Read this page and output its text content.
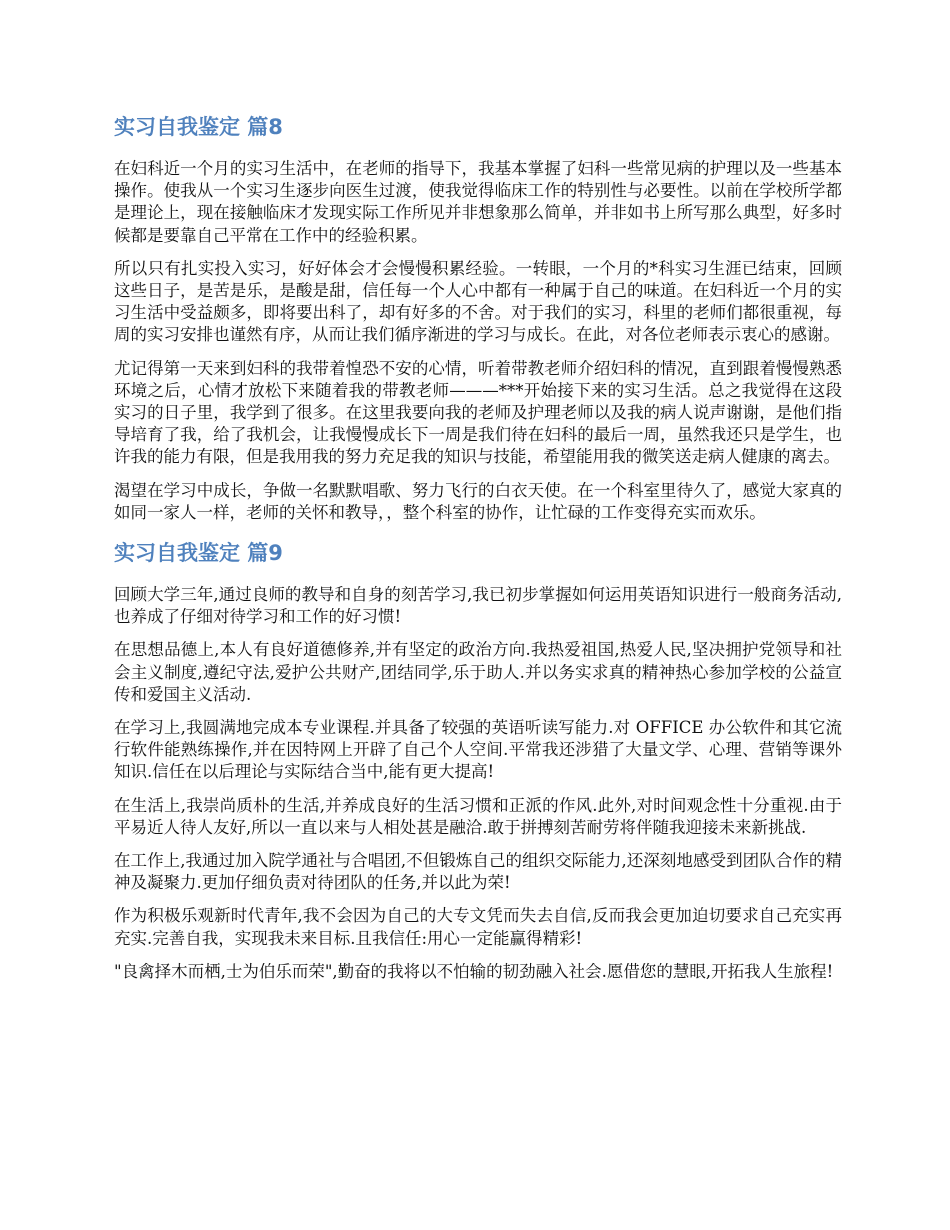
实习自我鉴定 篇8

在妇科近一个月的实习生活中，在老师的指导下，我基本掌握了妇科一些常见病的护理以及一些基本操作。使我从一个实习生逐步向医生过渡，使我觉得临床工作的特别性与必要性。以前在学校所学都是理论上，现在接触临床才发现实际工作所见并非想象那么简单，并非如书上所写那么典型，好多时候都是要靠自己平常在工作中的经验积累。

所以只有扎实投入实习，好好体会才会慢慢积累经验。一转眼，一个月的*科实习生涯已结束，回顾这些日子，是苦是乐，是酸是甜，信任每一个人心中都有一种属于自己的味道。在妇科近一个月的实习生活中受益颇多，即将要出科了，却有好多的不舍。对于我们的实习，科里的老师们都很重视，每周的实习安排也谨然有序，从而让我们循序渐进的学习与成长。在此，对各位老师表示衷心的感谢。

尤记得第一天来到妇科的我带着惶恐不安的心情，听着带教老师介绍妇科的情况，直到跟着慢慢熟悉环境之后，心情才放松下来随着我的带教老师———***开始接下来的实习生活。总之我觉得在这段实习的日子里，我学到了很多。在这里我要向我的老师及护理老师以及我的病人说声谢谢，是他们指导培育了我，给了我机会，让我慢慢成长下一周是我们待在妇科的最后一周，虽然我还只是学生，也许我的能力有限，但是我用我的努力充足我的知识与技能，希望能用我的微笑送走病人健康的离去。

渴望在学习中成长，争做一名默默唱歌、努力飞行的白衣天使。在一个科室里待久了，感觉大家真的如同一家人一样，老师的关怀和教导，，整个科室的协作，让忙碌的工作变得充实而欢乐。

实习自我鉴定 篇9

回顾大学三年,通过良师的教导和自身的刻苦学习,我已初步掌握如何运用英语知识进行一般商务活动,也养成了仔细对待学习和工作的好习惯!

在思想品德上,本人有良好道德修养,并有坚定的政治方向.我热爱祖国,热爱人民,坚决拥护党领导和社会主义制度,遵纪守法,爱护公共财产,团结同学,乐于助人.并以务实求真的精神热心参加学校的公益宣传和爱国主义活动.

在学习上,我圆满地完成本专业课程.并具备了较强的英语听读写能力.对 OFFICE 办公软件和其它流行软件能熟练操作,并在因特网上开辟了自己个人空间.平常我还涉猎了大量文学、心理、营销等课外知识.信任在以后理论与实际结合当中,能有更大提高!

在生活上,我崇尚质朴的生活,并养成良好的生活习惯和正派的作风.此外,对时间观念性十分重视.由于平易近人待人友好,所以一直以来与人相处甚是融洽.敢于拼搏刻苦耐劳将伴随我迎接未来新挑战.

在工作上,我通过加入院学通社与合唱团,不但锻炼自己的组织交际能力,还深刻地感受到团队合作的精神及凝聚力.更加仔细负责对待团队的任务,并以此为荣!

作为积极乐观新时代青年,我不会因为自己的大专文凭而失去自信,反而我会更加迫切要求自己充实再充实.完善自我，实现我未来目标.且我信任:用心一定能赢得精彩!

"良禽择木而栖,士为伯乐而荣",勤奋的我将以不怕输的韧劲融入社会.愿借您的慧眼,开拓我人生旅程!
